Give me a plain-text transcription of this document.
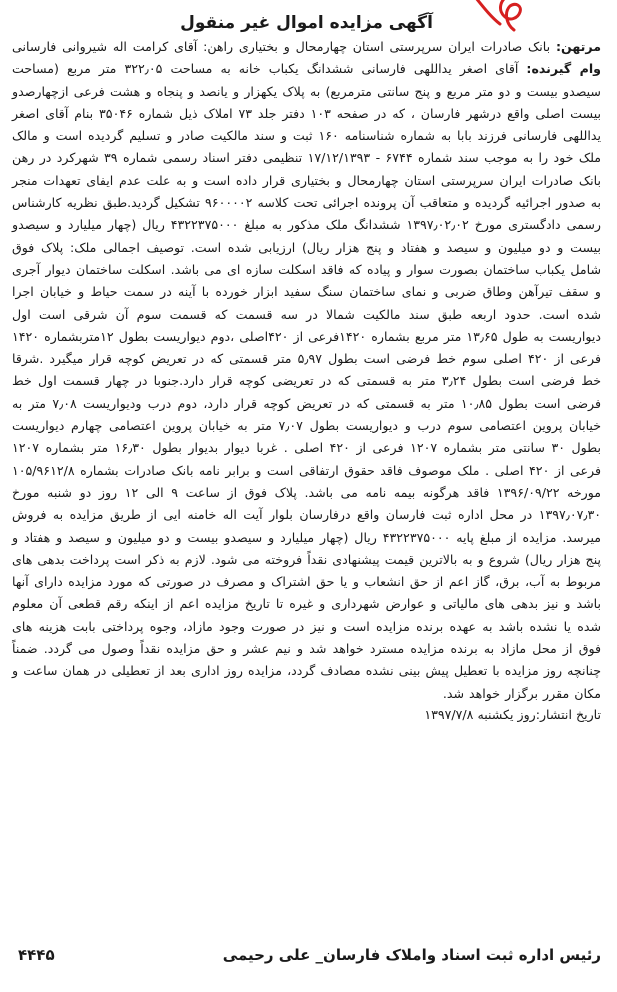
آگهی مزایده اموال غیر منقول

مرتهن: بانک صادرات ایران سرپرستی استان چهارمحال و بختیاری راهن: آقای کرامت اله شیروانی فارسانی وام گیرنده: آقای اصغر یداللهی فارسانی ششدانگ یکباب خانه به مساحت ۳۲۲٫۰۵ متر مربع (مساحت سیصدو بیست و دو متر مربع و پنج سانتی مترمربع) به پلاک یکهزار و یانصد و پنجاه و هشت فرعی ازچهارصدو بیست اصلی واقع درشهر فارسان ، که در صفحه ۱۰۳ دفتر جلد ۷۳ املاک ذیل شماره ۳۵۰۴۶ بنام آقای اصغر یداللهی فارسانی فرزند بابا به شماره شناسنامه ۱۶۰ ثبت و سند مالکیت صادر و تسلیم گردیده است و مالک ملک خود را به موجب سند شماره ۶۷۴۴ - ۱۷/۱۲/۱۳۹۳ تنظیمی دفتر اسناد رسمی شماره ۳۹ شهرکرد در رهن بانک صادرات ایران سرپرستی استان چهارمحال و بختیاری قرار داده است و به علت عدم ایفای تعهدات منجر به صدور اجرائیه گردیده و متعاقب آن پرونده اجرائی تحت کلاسه ۹۶۰۰۰۰۲ تشکیل گردید.طبق نظریه کارشناس رسمی دادگستری مورخ ۱۳۹۷٫۰۲٫۰۲ ششدانگ ملک مذکور به مبلغ ۴۳۲۲۳۷۵۰۰۰ ریال (چهار میلیارد و سیصدو بیست و دو میلیون و سیصد و هفتاد و پنج هزار ریال) ارزیابی شده است. توصیف اجمالی ملک: پلاک فوق شامل یکباب ساختمان بصورت سوار و پیاده که فاقد اسکلت سازه ای می باشد. اسکلت ساختمان دیوار آجری و سقف تیرآهن وطاق ضربی و نمای ساختمان سنگ سفید ابزار خورده با آینه در سمت حیاط و خیابان اجرا شده است. حدود اربعه طبق سند مالکیت شمالا در سه قسمت که قسمت سوم آن شرقی است اول دیواریست به طول ۱۳٫۶۵ متر مربع بشماره ۱۴۲۰فرعی از ۴۲۰اصلی ،دوم دیواریست بطول ۱۲متربشماره ۱۴۲۰ فرعی از ۴۲۰ اصلی سوم خط فرضی است بطول ۵٫۹۷ متر قسمتی که در تعریض کوچه قرار میگیرد .شرقا خط فرضی است بطول ۳٫۲۴ متر به قسمتی که در تعریضی کوچه قرار دارد.جنوبا در چهار قسمت اول خط فرضی است بطول ۱۰٫۸۵ متر به قسمتی که در تعریض کوچه قرار دارد، دوم درب ودیواریست ۷٫۰۸ متر به خیابان پروین اعتصامی سوم درب و دیواریست بطول ۷٫۰۷ متر به خیابان پروین اعتصامی چهارم دیواریست بطول ۳۰ سانتی متر بشماره ۱۲۰۷ فرعی از ۴۲۰ اصلی . غربا دیوار بدیوار بطول ۱۶٫۳۰ متر بشماره ۱۲۰۷ فرعی از ۴۲۰ اصلی . ملک موصوف فاقد حقوق ارتفاقی است و برابر نامه بانک صادرات بشماره ۱۰۵/۹۶۱۲/۸ مورخه ۱۳۹۶/۰۹/۲۲ فاقد هرگونه بیمه نامه می باشد. پلاک فوق از ساعت ۹ الی ۱۲ روز دو شنبه مورخ ۱۳۹۷٫۰۷٫۳۰ در محل اداره ثبت فارسان واقع درفارسان بلوار آیت اله خامنه ایی از طریق مزایده به فروش میرسد. مزایده از مبلغ پایه ۴۳۲۲۳۷۵۰۰۰ ریال (چهار میلیارد و سیصدو بیست و دو میلیون و سیصد و هفتاد و پنج هزار ریال) شروع و به بالاترین قیمت پیشنهادی نقداً فروخته می شود. لازم به ذکر است پرداخت بدهی های مربوط به آب، برق، گاز اعم از حق انشعاب و یا حق اشتراک و مصرف در صورتی که مورد مزایده دارای آنها باشد و نیز بدهی های مالیاتی و عوارض شهرداری و غیره تا تاریخ مزایده اعم از اینکه رقم قطعی آن معلوم شده یا نشده باشد به عهده برنده مزایده است و نیز در صورت وجود مازاد، وجوه پرداختی بابت هزینه های فوق از محل مازاد به برنده مزایده مسترد خواهد شد و نیم عشر و حق مزایده نقداً وصول می گردد. ضمناً چنانچه روز مزایده با تعطیل پیش بینی نشده مصادف گردد، مزایده روز اداری بعد از تعطیلی در همان ساعت و مکان مقرر برگزار خواهد شد.

تاریخ انتشار:روز یکشنبه ۱۳۹۷/۷/۸
رئیس اداره ثبت اسناد واملاک فارسان_ علی رحیمی
۴۴۴۵
